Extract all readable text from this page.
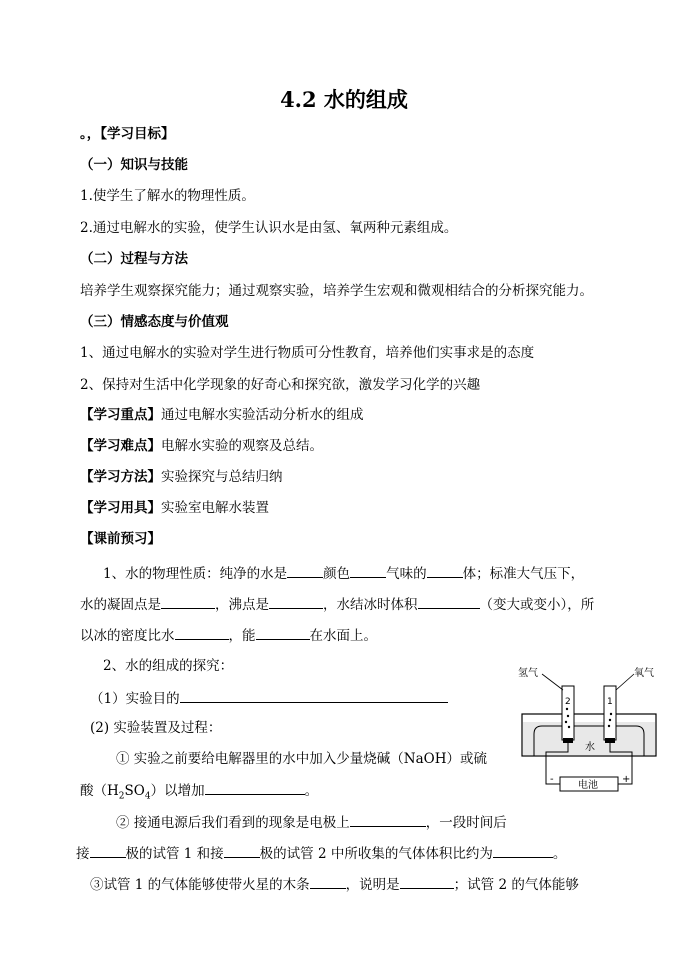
4.2 水的组成
。，【学习目标】
（一）知识与技能
1.使学生了解水的物理性质。
2.通过电解水的实验，使学生认识水是由氢、氧两种元素组成。
（二）过程与方法
培养学生观察探究能力；通过观察实验，培养学生宏观和微观相结合的分析探究能力。
（三）情感态度与价值观
1、通过电解水的实验对学生进行物质可分性教育，培养他们实事求是的态度
2、保持对生活中化学现象的好奇心和探究欲，激发学习化学的兴趣
【学习重点】通过电解水实验活动分析水的组成
【学习难点】电解水实验的观察及总结。
【学习方法】实验探究与总结归纳
【学习用具】实验室电解水装置
【课前预习】
1、水的物理性质：纯净的水是	颜色	气味的	体；标准大气压下，
水的凝固点是	，沸点是	，水结冰时体积	（变大或变小），所
以冰的密度比水	，能	在水面上。
2、水的组成的探究：
（1）实验目的
(2) 实验装置及过程：
① 实验之前要给电解器里的水中加入少量烧碱（NaOH）或硫
酸$(H_2SO_4)$以增加	。
② 接通电源后我们看到的现象是电极上	，一段时间后
接	极的试管 1 和接	极的试管 2 中所收集的气体体积比约为	。
③试管 1 的气体能够使带火星的木条	，说明是	；试管 2 的气体能够
氢气	氧气
2	1
水
电池
-	+
